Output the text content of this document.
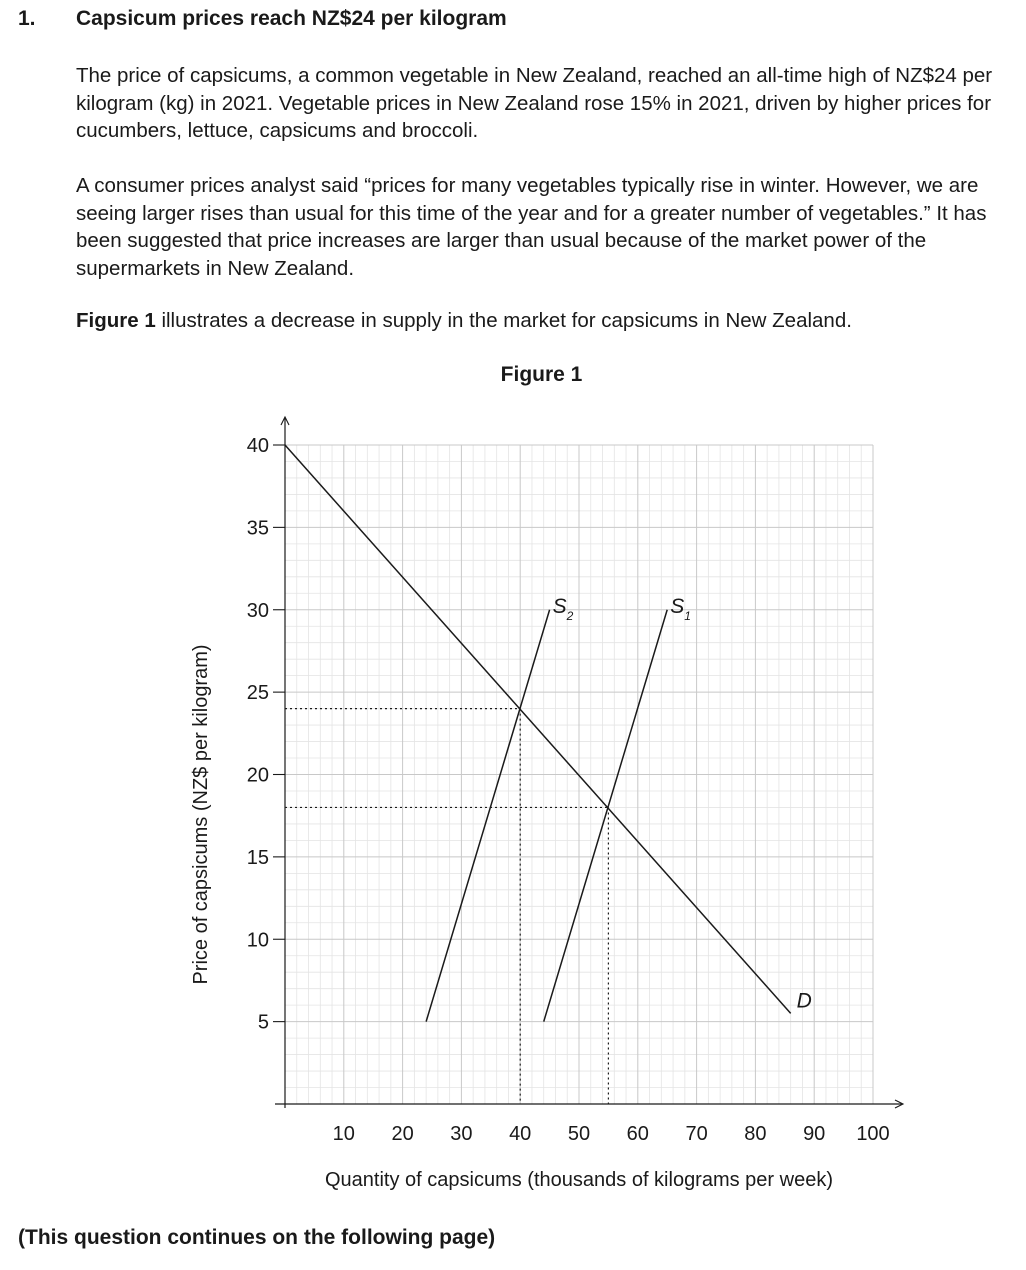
1. Capsicum prices reach NZ$24 per kilogram

The price of capsicums, a common vegetable in New Zealand, reached an all-time high of NZ$24 per kilogram (kg) in 2021. Vegetable prices in New Zealand rose 15% in 2021, driven by higher prices for cucumbers, lettuce, capsicums and broccoli.

A consumer prices analyst said “prices for many vegetables typically rise in winter. However, we are seeing larger rises than usual for this time of the year and for a greater number of vegetables.” It has been suggested that price increases are larger than usual because of the market power of the supermarkets in New Zealand.

Figure 1 illustrates a decrease in supply in the market for capsicums in New Zealand.
Figure 1
5
10
15
20
25
30
35
40
10 20 30 40 50 60 70 80 90 100
Quantity of capsicums (thousands of kilograms per week)
Price of capsicums (NZ$ per kilogram)
D
S 1
S 2
(This question continues on the following page)
